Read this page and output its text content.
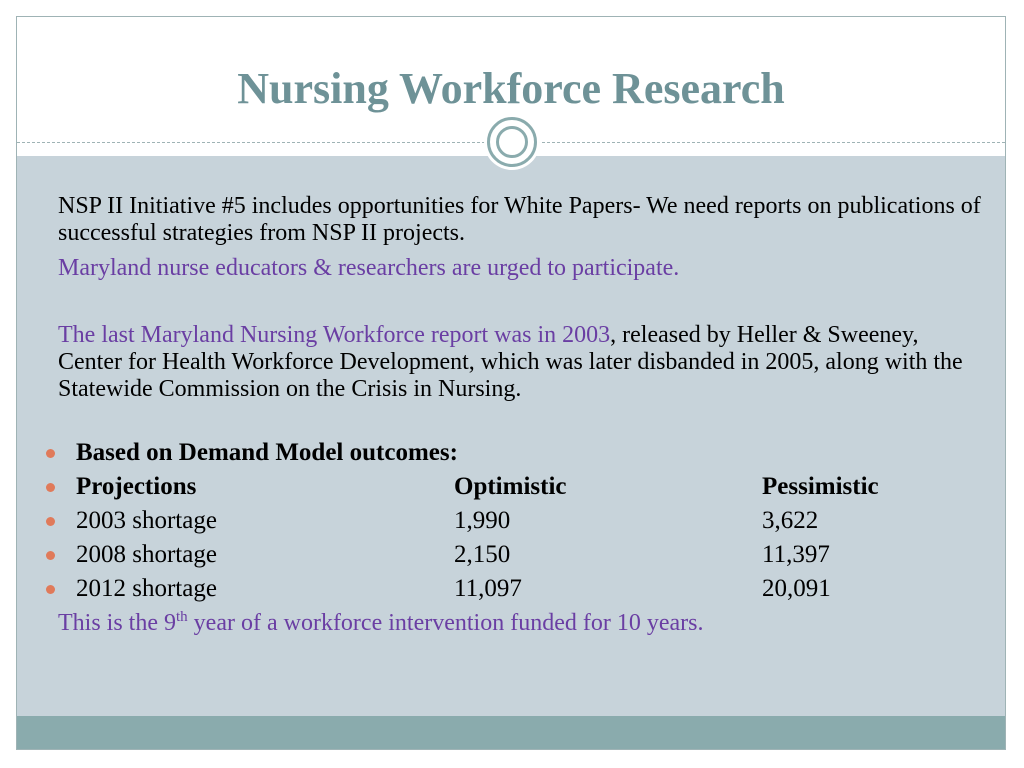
Nursing Workforce Research

NSP II Initiative #5 includes opportunities for White Papers- We need reports on publications of successful strategies from NSP II projects.

Maryland nurse educators & researchers are urged to participate.

The last Maryland Nursing Workforce report was in 2003, released by Heller & Sweeney, Center for Health Workforce Development, which was later disbanded in 2005, along with the Statewide Commission on the Crisis in Nursing.

Based on Demand Model outcomes:
Projections	Optimistic	Pessimistic
2003 shortage	1,990	3,622
2008 shortage	2,150	11,397
2012 shortage	11,097	20,091

This is the 9th year of a workforce intervention funded for 10 years.
